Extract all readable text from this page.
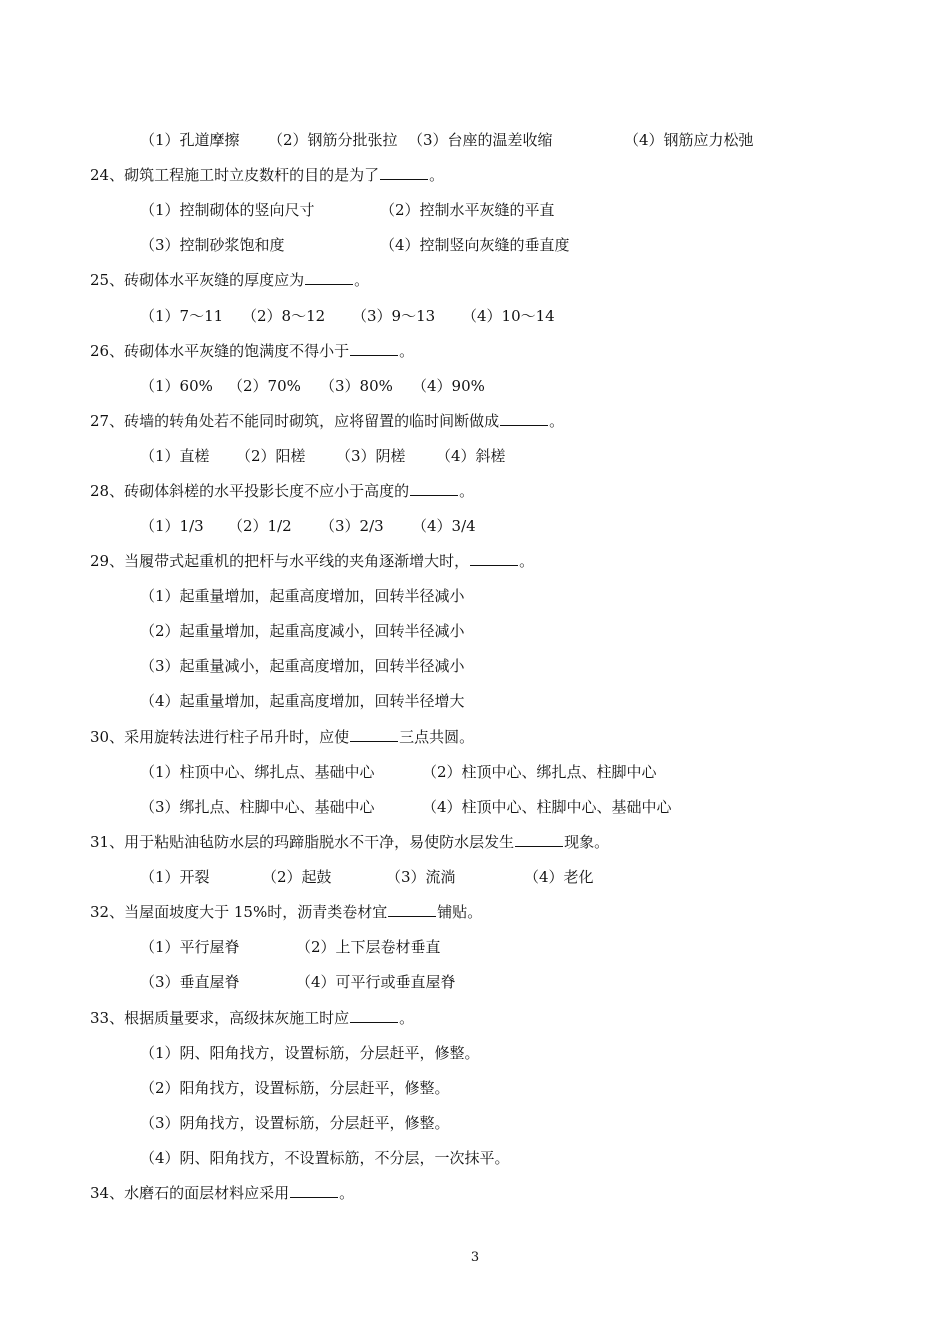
3
（1）孔道摩擦 （2）钢筋分批张拉 （3）台座的温差收缩	（4）钢筋应力松弛
24、砌筑工程施工时立皮数杆的目的是为了	。
（1）控制砌体的竖向尺寸	（2）控制水平灰缝的平直
（3）控制砂浆饱和度	（4）控制竖向灰缝的垂直度
25、砖砌体水平灰缝的厚度应为	。
（1）7～11 （2）8～12 （3）9～13 （4）10～14
26、砖砌体水平灰缝的饱满度不得小于	。
（1）60% （2）70% （3）80% （4）90%
27、砖墙的转角处若不能同时砌筑，应将留置的临时间断做成	。
（1）直槎 （2）阳槎 （3）阴槎 （4）斜槎
28、砖砌体斜槎的水平投影长度不应小于高度的	。
（1）1/3 （2）1/2 （3）2/3 （4）3/4
29、当履带式起重机的把杆与水平线的夹角逐渐增大时，	。
（1）起重量增加，起重高度增加，回转半径减小
（2）起重量增加，起重高度减小，回转半径减小
（3）起重量减小，起重高度增加，回转半径减小
（4）起重量增加，起重高度增加，回转半径增大
30、采用旋转法进行柱子吊升时，应使	三点共圆。
（1）柱顶中心、绑扎点、基础中心	（2）柱顶中心、绑扎点、柱脚中心
（3）绑扎点、柱脚中心、基础中心	（4）柱顶中心、柱脚中心、基础中心
31、用于粘贴油毡防水层的玛蹄脂脱水不干净，易使防水层发生	现象。
（1）开裂	（2）起鼓	（3）流淌	（4）老化
32、当屋面坡度大于 15%时，沥青类卷材宜	铺贴。
（1）平行屋脊	（2）上下层卷材垂直
（3）垂直屋脊	（4）可平行或垂直屋脊
33、根据质量要求，高级抹灰施工时应	。
（1）阴、阳角找方，设置标筋，分层赶平，修整。
（2）阳角找方，设置标筋，分层赶平，修整。
（3）阴角找方，设置标筋，分层赶平，修整。
（4）阴、阳角找方，不设置标筋，不分层，一次抹平。
34、水磨石的面层材料应采用	。
